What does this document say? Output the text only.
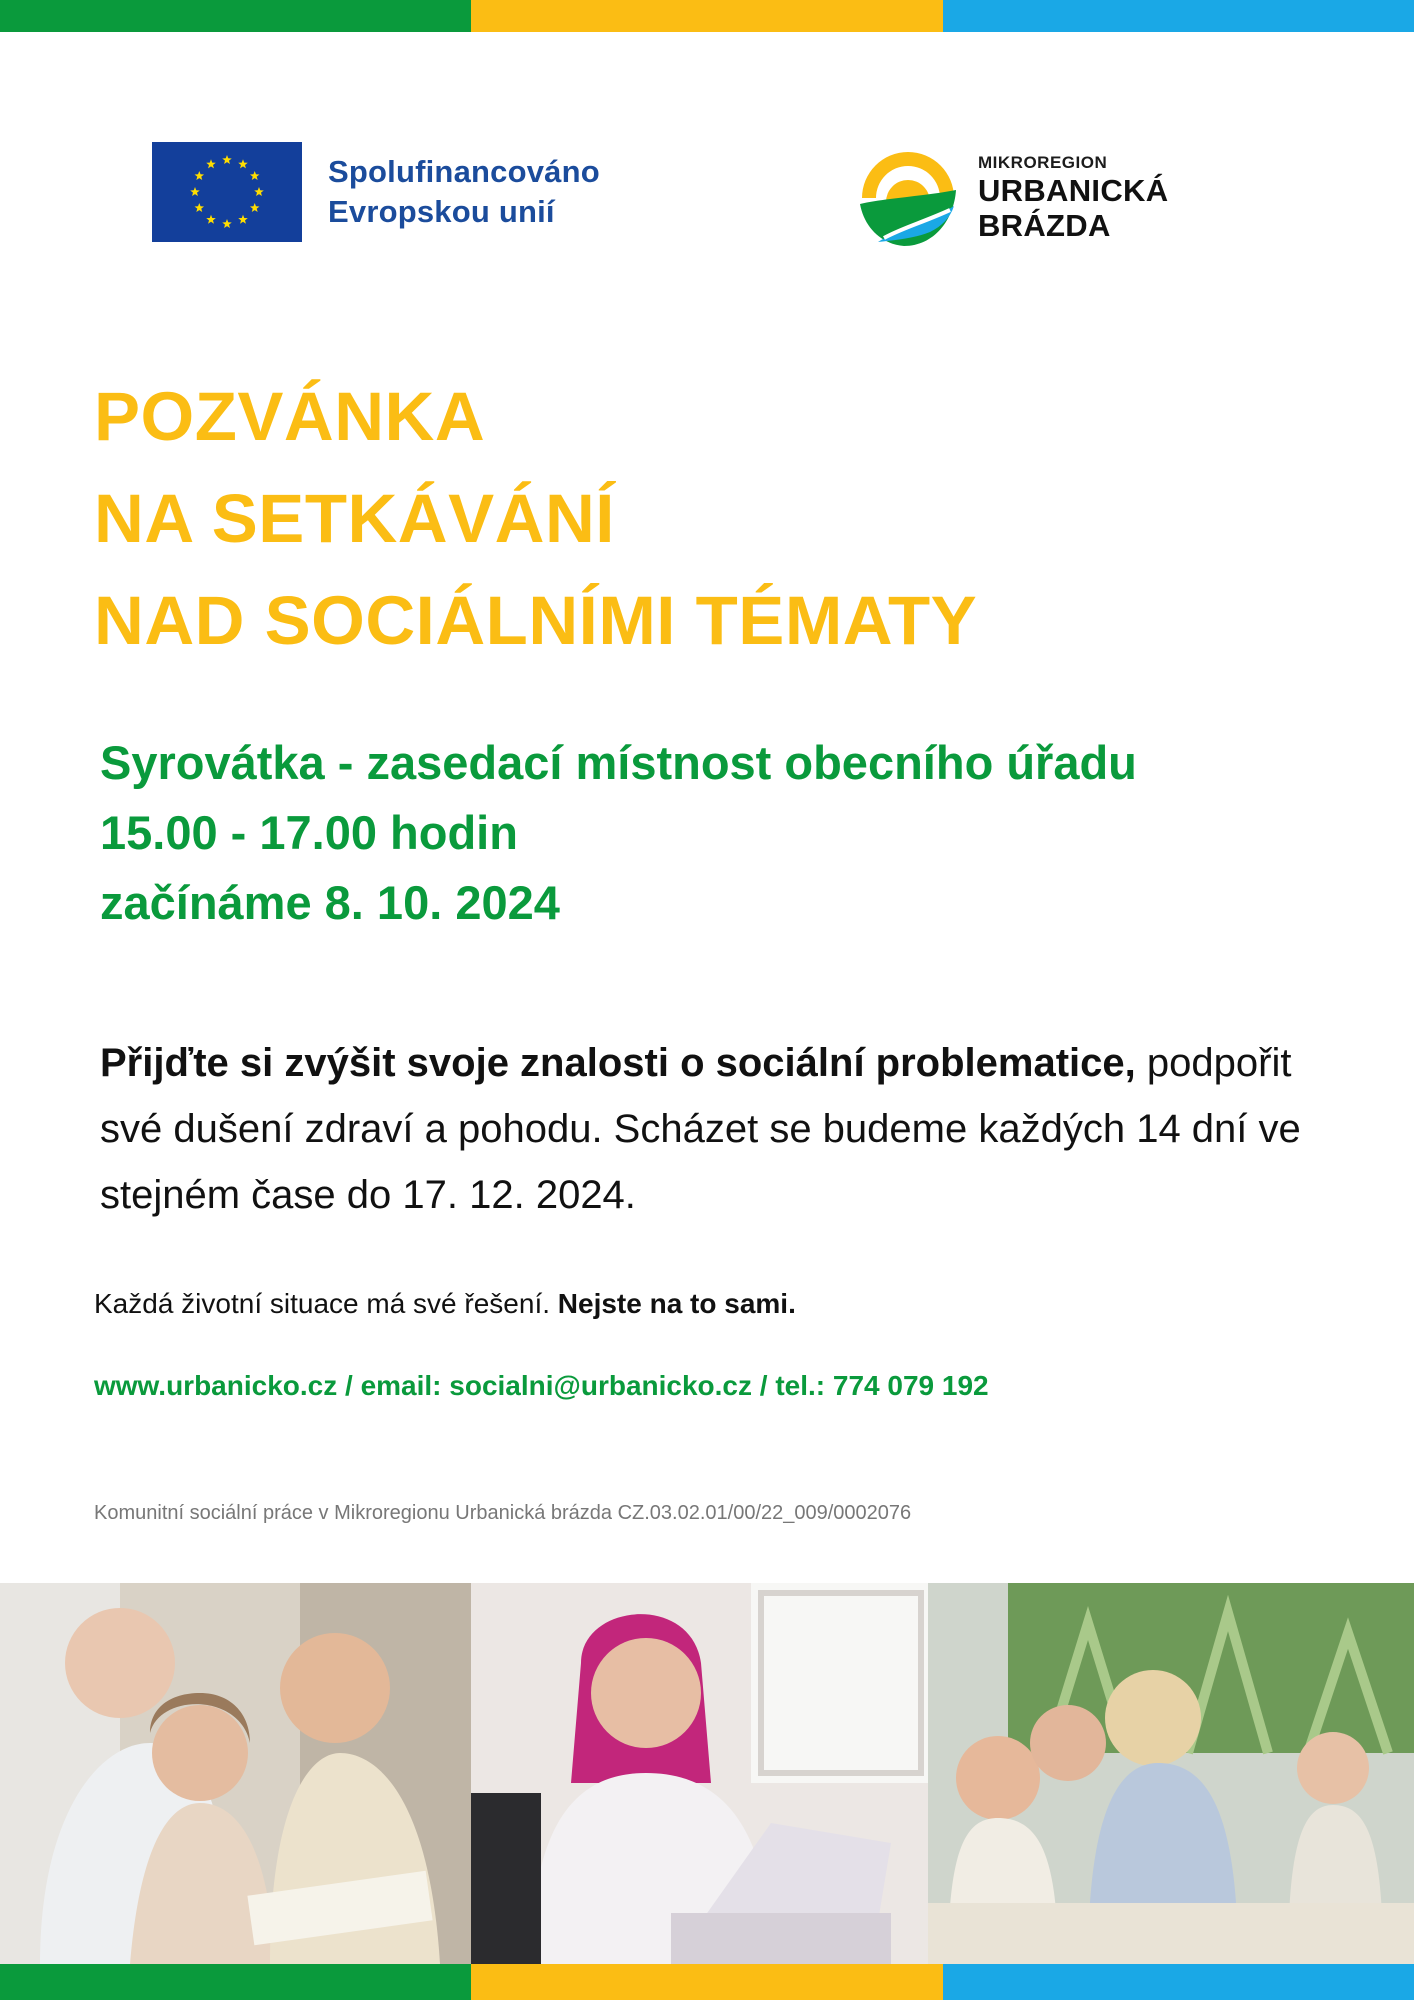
Spolufinancováno
Evropskou unií
MIKROREGION
URBANICKÁ
BRÁZDA
POZVÁNKA
NA SETKÁVÁNÍ
NAD SOCIÁLNÍMI TÉMATY
Syrovátka - zasedací místnost obecního úřadu
15.00 - 17.00 hodin
začínáme 8. 10. 2024
Přijďte si zvýšit svoje znalosti o sociální problematice, podpořit své dušení zdraví a pohodu. Scházet se budeme každých 14 dní ve stejném čase do 17. 12. 2024.
Každá životní situace má své řešení. Nejste na to sami.
www.urbanicko.cz / email: socialni@urbanicko.cz / tel.: 774 079 192
Komunitní sociální práce v Mikroregionu Urbanická brázda CZ.03.02.01/00/22_009/0002076
